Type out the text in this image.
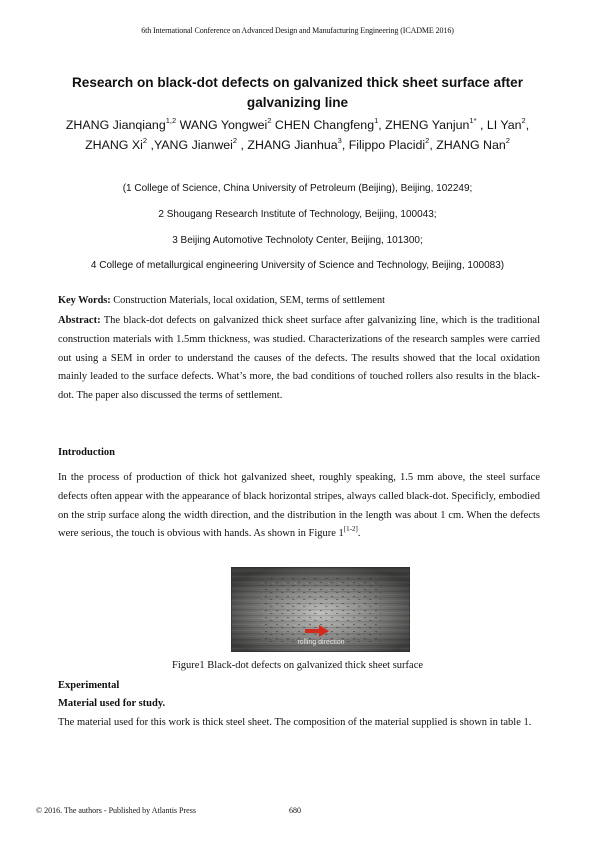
6th International Conference on Advanced Design and Manufacturing Engineering (ICADME 2016)
Research on black-dot defects on galvanized thick sheet surface after galvanizing line
ZHANG Jianqiang$^{1,2}$ WANG Yongwei$^2$ CHEN Changfeng$^1$, ZHENG Yanjun$^{1*}$ , LI Yan$^2$, ZHANG Xi$^2$ ,YANG Jianwei$^2$ , ZHANG Jianhua$^3$, Filippo Placidi$^2$, ZHANG Nan$^2$
(1 College of Science, China University of Petroleum (Beijing), Beijing, 102249;
2 Shougang Research Institute of Technology, Beijing, 100043;
3 Beijing Automotive Technoloty Center, Beijing, 101300;
4 College of metallurgical engineering University of Science and Technology, Beijing, 100083)
Key Words: Construction Materials, local oxidation, SEM, terms of settlement
Abstract: The black-dot defects on galvanized thick sheet surface after galvanizing line, which is the traditional construction materials with 1.5mm thickness, was studied. Characterizations of the research samples were carried out using a SEM in order to understand the causes of the defects. The results showed that the local oxidation mainly leaded to the surface defects. What’s more, the bad conditions of touched rollers also results in the black-dot. The paper also discussed the terms of settlement.
Introduction
In the process of production of thick hot galvanized sheet, roughly speaking, 1.5 mm above, the steel surface defects often appear with the appearance of black horizontal stripes, always called black-dot. Specificly, embodied on the strip surface along the width direction, and the distribution in the length was about 1 cm. When the defects were serious, the touch is obvious with hands. As shown in Figure 1[1-2].
rolling direction
Figure1 Black-dot defects on galvanized thick sheet surface
Experimental
Material used for study.
The material used for this work is thick steel sheet. The composition of the material supplied is shown in table 1.
© 2016. The authors - Published by Atlantis Press	680
